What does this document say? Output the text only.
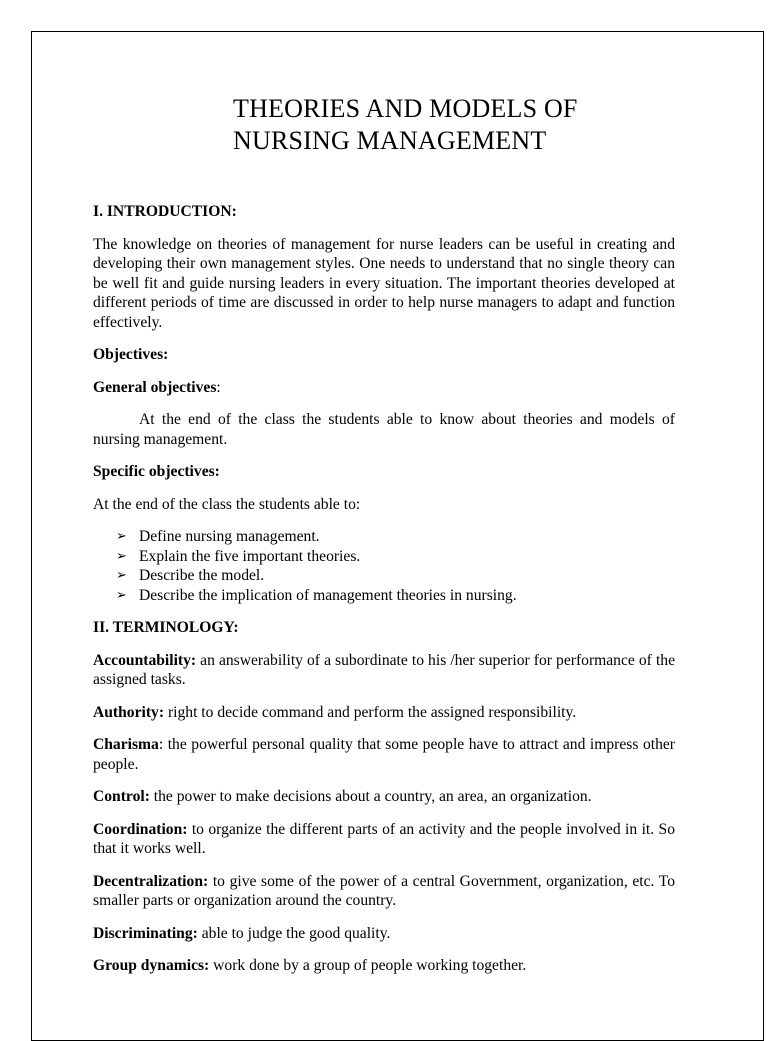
THEORIES AND MODELS OF
NURSING MANAGEMENT

I. INTRODUCTION:

The knowledge on theories of management for nurse leaders can be useful in creating and developing their own management styles. One needs to understand that no single theory can be well fit and guide nursing leaders in every situation. The important theories developed at different periods of time are discussed in order to help nurse managers to adapt and function effectively.

Objectives:

General objectives:

At the end of the class the students able to know about theories and models of nursing management.

Specific objectives:

At the end of the class the students able to:

➢ Define nursing management.
➢ Explain the five important theories.
➢ Describe the model.
➢ Describe the implication of management theories in nursing.

II. TERMINOLOGY:

Accountability: an answerability of a subordinate to his /her superior for performance of the assigned tasks.

Authority: right to decide command and perform the assigned responsibility.

Charisma: the powerful personal quality that some people have to attract and impress other people.

Control: the power to make decisions about a country, an area, an organization.

Coordination: to organize the different parts of an activity and the people involved in it. So that it works well.

Decentralization: to give some of the power of a central Government, organization, etc. To smaller parts or organization around the country.

Discriminating: able to judge the good quality.

Group dynamics: work done by a group of people working together.
